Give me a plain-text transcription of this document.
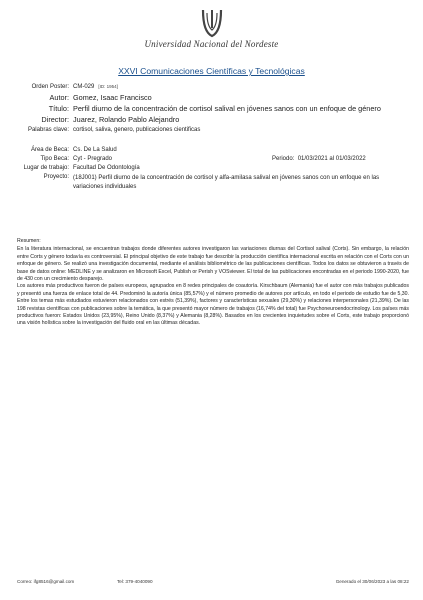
Universidad Nacional del Nordeste
XXVI Comunicaciones Científicas y Tecnológicas
Orden Poster: CM-029 [ID: 1954]
Autor: Gomez, Isaac Francisco
Título: Perfil diurno de la concentración de cortisol salival en jóvenes sanos con un enfoque de género
Director: Juarez, Rolando Pablo Alejandro
Palabras clave: cortisol, saliva, genero, publicaciones cientificas
Área de Beca: Cs. De La Salud
Tipo Beca: Cyt - Pregrado	Periodo: 01/03/2021 al 01/03/2022
Lugar de trabajo: Facultad De Odontología
Proyecto: (18J001) Perfil diurno de la concentración de cortisol y alfa-amilasa salival en jóvenes sanos con un enfoque en las variaciones individuales

Resumen:

En la literatura internacional, se encuentran trabajos donde diferentes autores investigaron las variaciones diurnas del Cortisol salival (Corts). Sin embargo, la relación entre Corts y género todavía es controversial. El principal objetivo de este trabajo fue describir la producción científica internacional escrita en relación con el Corts con un enfoque de género. Se realizó una investigación documental, mediante el análisis bibliométrico de las publicaciones científicas. Todos los datos se obtuvieron a través de base de datos online: MEDLINE y se analizaron en Microsoft Excel, Publish or Perish y VOSviewer. El total de las publicaciones encontradas en el periodo 1990-2020, fue de 430 con un crecimiento desparejo.

Los autores más productivos fueron de países europeos, agrupados en 8 redes principales de coautoría. Kirschbaum (Alemania) fue el autor con más trabajos publicados y presentó una fuerza de enlace total de 44. Predominó la autoría única (85,57%) y el número promedio de autores por artículo, en todo el periodo de estudio fue de 5,30. Entre los temas más estudiados estuvieron relacionados con estrés (51,39%), factores y características sexuales (29,30%) y relaciones interpersonales (21,39%). De las 198 revistas científicas con publicaciones sobre la temática, la que presentó mayor número de trabajos (16,74% del total) fue Psychoneuroendocrinology. Los países más productivos fueron: Estados Unidos (23,95%), Reino Unido (8,37%) y Alemania (8,28%). Basados en los crecientes inquietudes sobre el Corts, este trabajo proporcionó una visión holística sobre la investigación del fluido oral en las últimas décadas.

Correo: ifg8516@gmail.com	Tel: 379-4040090	Generado el 30/06/2023 a las 08:22
